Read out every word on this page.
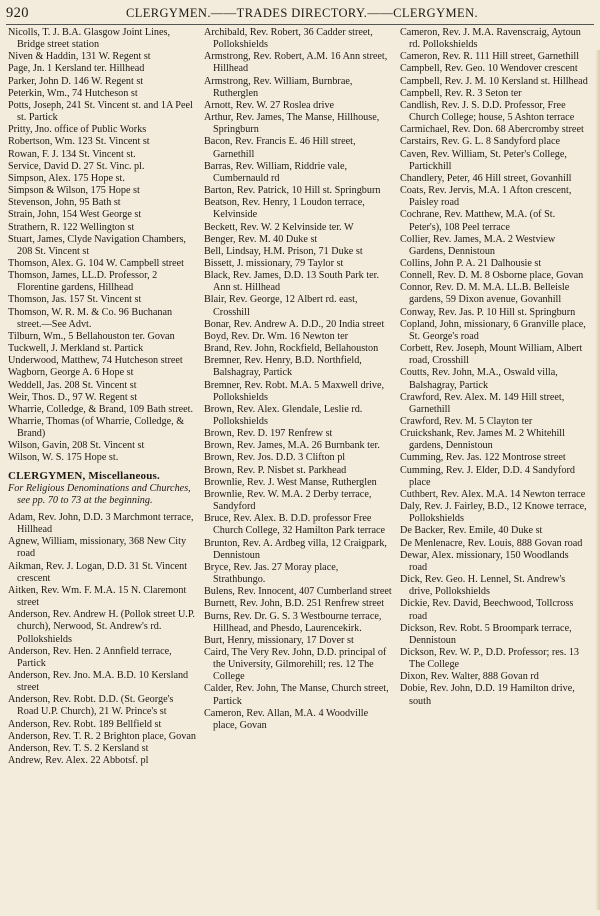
920	CLERGYMEN.——TRADES DIRECTORY.——CLERGYMEN.
Nicolls, T. J. B.A. Glasgow Joint Lines, Bridge street station
Niven & Haddin, 131 W. Regent st
Page, Jn. 1 Kersland ter. Hillhead
Parker, John D. 146 W. Regent st
Peterkin, Wm., 74 Hutcheson st
Potts, Joseph, 241 St. Vincent st. and 1A Peel st. Partick
Pritty, Jno. office of Public Works
Robertson, Wm. 123 St. Vincent st
Rowan, F. J. 134 St. Vincent st.
Service, David D. 27 St. Vinc. pl.
Simpson, Alex. 175 Hope st.
Simpson & Wilson, 175 Hope st
Stevenson, John, 95 Bath st
Strain, John, 154 West George st
Strathern, R. 122 Wellington st
Stuart, James, Clyde Navigation Chambers, 208 St. Vincent st
Thomson, Alex. G. 104 W. Campbell street
Thomson, James, LL.D. Professor, 2 Florentine gardens, Hillhead
Thomson, Jas. 157 St. Vincent st
Thomson, W. R. M. & Co. 96 Buchanan street.—See Advt.
Tilburn, Wm., 5 Bellahouston ter. Govan
Tuckwell, J. Merkland st. Partick
Underwood, Matthew, 74 Hutcheson street
Wagborn, George A. 6 Hope st
Weddell, Jas. 208 St. Vincent st
Weir, Thos. D., 97 W. Regent st
Wharrie, Colledge, & Brand, 109 Bath street.
Wharrie, Thomas (of Wharrie, Colledge, & Brand)
Wilson, Gavin, 208 St. Vincent st
Wilson, W. S. 175 Hope st.
CLERGYMEN, Miscellaneous.
For Religious Denominations and Churches, see pp. 70 to 73 at the beginning.
Adam, Rev. John, D.D. 3 Marchmont terrace, Hillhead
Agnew, William, missionary, 368 New City road
Aikman, Rev. J. Logan, D.D. 31 St. Vincent crescent
Aitken, Rev. Wm. F. M.A. 15 N. Claremont street
Anderson, Rev. Andrew H. (Pollok street U.P. church), Nerwood, St. Andrew's rd. Pollokshields
Anderson, Rev. Hen. 2 Annfield terrace, Partick
Anderson, Rev. Jno. M.A. B.D. 10 Kersland street
Anderson, Rev. Robt. D.D. (St. George's Road U.P. Church), 21 W. Prince's st
Anderson, Rev. Robt. 189 Bellfield st
Anderson, Rev. T. R. 2 Brighton place, Govan
Anderson, Rev. T. S. 2 Kersland st
Andrew, Rev. Alex. 22 Abbotsf. pl
Archibald, Rev. Robert, 36 Cadder street, Pollokshields
Armstrong, Rev. Robert, A.M. 16 Ann street, Hillhead
Armstrong, Rev. William, Burnbrae, Rutherglen
Arnott, Rev. W. 27 Roslea drive
Arthur, Rev. James, The Manse, Hillhouse, Springburn
Bacon, Rev. Francis E. 46 Hill street, Garnethill
Barras, Rev. William, Riddrie vale, Cumbernauld rd
Barton, Rev. Patrick, 10 Hill st. Springburn
Beatson, Rev. Henry, 1 Loudon terrace, Kelvinside
Beckett, Rev. W. 2 Kelvinside ter. W
Benger, Rev. M. 40 Duke st
Bell, Lindsay, H.M. Prison, 71 Duke st
Bissett, J. missionary, 79 Taylor st
Black, Rev. James, D.D. 13 South Park ter. Ann st. Hillhead
Blair, Rev. George, 12 Albert rd. east, Crosshill
Bonar, Rev. Andrew A. D.D., 20 India street
Boyd, Rev. Dr. Wm. 16 Newton ter
Brand, Rev. John, Rockfield, Bellahouston
Bremner, Rev. Henry, B.D. Northfield, Balshagray, Partick
Bremner, Rev. Robt. M.A. 5 Maxwell drive, Pollokshields
Brown, Rev. Alex. Glendale, Leslie rd. Pollokshields
Brown, Rev. D. 197 Renfrew st
Brown, Rev. James, M.A. 26 Burnbank ter.
Brown, Rev. Jos. D.D. 3 Clifton pl
Brown, Rev. P. Nisbet st. Parkhead
Brownlie, Rev. J. West Manse, Rutherglen
Brownlie, Rev. W. M.A. 2 Derby terrace, Sandyford
Bruce, Rev. Alex. B. D.D. professor Free Church College, 32 Hamilton Park terrace
Brunton, Rev. A. Ardbeg villa, 12 Craigpark, Dennistoun
Bryce, Rev. Jas. 27 Moray place, Strathbungo.
Bulens, Rev. Innocent, 407 Cumberland street
Burnett, Rev. John, B.D. 251 Renfrew street
Burns, Rev. Dr. G. S. 3 Westbourne terrace, Hillhead, and Phesdo, Laurencekirk.
Burt, Henry, missionary, 17 Dover st
Caird, The Very Rev. John, D.D. principal of the University, Gilmorehill; res. 12 The College
Calder, Rev. John, The Manse, Church street, Partick
Cameron, Rev. Allan, M.A. 4 Woodville place, Govan
Cameron, Rev. J. M.A. Ravenscraig, Aytoun rd. Pollokshields
Cameron, Rev. R. 111 Hill street, Garnethill
Campbell, Rev. Geo. 10 Wendover crescent
Campbell, Rev. J. M. 10 Kersland st. Hillhead
Campbell, Rev. R. 3 Seton ter
Candlish, Rev. J. S. D.D. Professor, Free Church College; house, 5 Ashton terrace
Carmichael, Rev. Don. 68 Abercromby street
Carstairs, Rev. G. L. 8 Sandyford place
Caven, Rev. William, St. Peter's College, Partickhill
Chandlery, Peter, 46 Hill street, Govanhill
Coats, Rev. Jervis, M.A. 1 Afton crescent, Paisley road
Cochrane, Rev. Matthew, M.A. (of St. Peter's), 108 Peel terrace
Collier, Rev. James, M.A. 2 Westview Gardens, Dennistoun
Collins, John P. A. 21 Dalhousie st
Connell, Rev. D. M. 8 Osborne place, Govan
Connor, Rev. D. M. M.A. LL.B. Belleisle gardens, 59 Dixon avenue, Govanhill
Conway, Rev. Jas. P. 10 Hill st. Springburn
Copland, John, missionary, 6 Granville place, St. George's road
Corbett, Rev. Joseph, Mount William, Albert road, Crosshill
Coutts, Rev. John, M.A., Oswald villa, Balshagray, Partick
Crawford, Rev. Alex. M. 149 Hill street, Garnethill
Crawford, Rev. M. 5 Clayton ter
Cruickshank, Rev. James M. 2 Whitehill gardens, Dennistoun
Cumming, Rev. Jas. 122 Montrose street
Cumming, Rev. J. Elder, D.D. 4 Sandyford place
Cuthbert, Rev. Alex. M.A. 14 Newton terrace
Daly, Rev. J. Fairley, B.D., 12 Knowe terrace, Pollokshields
De Backer, Rev. Emile, 40 Duke st
De Menlenacre, Rev. Louis, 888 Govan road
Dewar, Alex. missionary, 150 Woodlands road
Dick, Rev. Geo. H. Lennel, St. Andrew's drive, Pollokshields
Dickie, Rev. David, Beechwood, Tollcross road
Dickson, Rev. Robt. 5 Broompark terrace, Dennistoun
Dickson, Rev. W. P., D.D. Professor; res. 13 The College
Dixon, Rev. Walter, 888 Govan rd
Dobie, Rev. John, D.D. 19 Hamilton drive, south
